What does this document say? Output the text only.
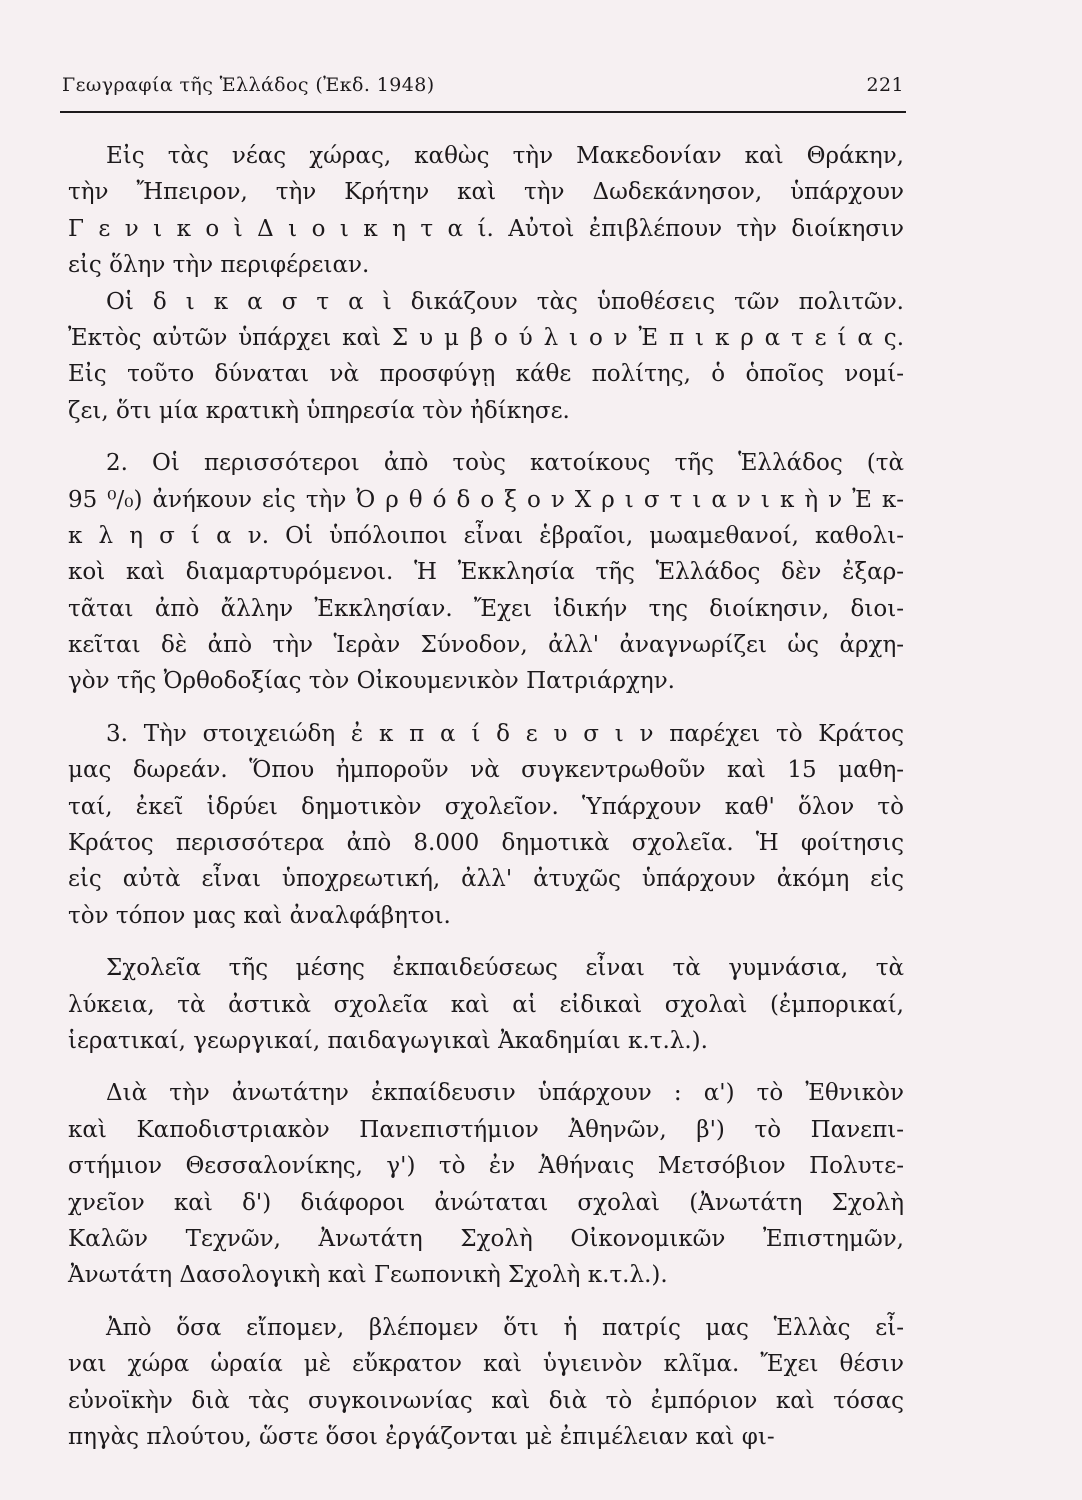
Γεωγραφία τῆς Ἑλλάδος (Ἐκδ. 1948)	221
Εἰς τὰς νέας χώρας, καθὼς τὴν Μακεδονίαν καὶ Θράκην,
τὴν Ἤπειρον, τὴν Κρήτην καὶ τὴν Δωδεκάνησον, ὑπάρχουν
Γ ε ν ι κ ο ὶ Δ ι ο ι κ η τ α ί. Αὐτοὶ ἐπιβλέπουν τὴν διοίκησιν
εἰς ὅλην τὴν περιφέρειαν.
Οἱ δ ι κ α σ τ α ὶ δικάζουν τὰς ὑποθέσεις τῶν πολιτῶν.
Ἐκτὸς αὐτῶν ὑπάρχει καὶ Σ υ μ β ο ύ λ ι ο ν Ἐ π ι κ ρ α τ ε ί α ς.
Εἰς τοῦτο δύναται νὰ προσφύγῃ κάθε πολίτης, ὁ ὁποῖος νομί-
ζει, ὅτι μία κρατικὴ ὑπηρεσία τὸν ἠδίκησε.
2. Οἱ περισσότεροι ἀπὸ τοὺς κατοίκους τῆς Ἑλλάδος (τὰ
95 ⁰/₀) ἀνήκουν εἰς τὴν Ὀ ρ θ ό δ ο ξ ο ν Χ ρ ι σ τ ι α ν ι κ ὴ ν Ἐ κ-
κ λ η σ ί α ν. Οἱ ὑπόλοιποι εἶναι ἑβραῖοι, μωαμεθανοί, καθολι-
κοὶ καὶ διαμαρτυρόμενοι. Ἡ Ἐκκλησία τῆς Ἑλλάδος δὲν ἐξαρ-
τᾶται ἀπὸ ἄλλην Ἐκκλησίαν. Ἔχει ἰδικήν της διοίκησιν, διοι-
κεῖται δὲ ἀπὸ τὴν Ἱερὰν Σύνοδον, ἀλλ' ἀναγνωρίζει ὡς ἀρχη-
γὸν τῆς Ὀρθοδοξίας τὸν Οἰκουμενικὸν Πατριάρχην.
3. Τὴν στοιχειώδη ἐ κ π α ί δ ε υ σ ι ν παρέχει τὸ Κράτος
μας δωρεάν. Ὅπου ἠμποροῦν νὰ συγκεντρωθοῦν καὶ 15 μαθη-
ταί, ἐκεῖ ἱδρύει δημοτικὸν σχολεῖον. Ὑπάρχουν καθ' ὅλον τὸ
Κράτος περισσότερα ἀπὸ 8.000 δημοτικὰ σχολεῖα. Ἡ φοίτησις
εἰς αὐτὰ εἶναι ὑποχρεωτική, ἀλλ' ἀτυχῶς ὑπάρχουν ἀκόμη εἰς
τὸν τόπον μας καὶ ἀναλφάβητοι.
Σχολεῖα τῆς μέσης ἐκπαιδεύσεως εἶναι τὰ γυμνάσια, τὰ
λύκεια, τὰ ἀστικὰ σχολεῖα καὶ αἱ εἰδικαὶ σχολαὶ (ἐμπορικαί,
ἱερατικαί, γεωργικαί, παιδαγωγικαὶ Ἀκαδημίαι κ.τ.λ.).
Διὰ τὴν ἀνωτάτην ἐκπαίδευσιν ὑπάρχουν : α') τὸ Ἐθνικὸν
καὶ Καποδιστριακὸν Πανεπιστήμιον Ἀθηνῶν, β') τὸ Πανεπι-
στήμιον Θεσσαλονίκης, γ') τὸ ἐν Ἀθήναις Μετσόβιον Πολυτε-
χνεῖον καὶ δ') διάφοροι ἀνώταται σχολαὶ (Ἀνωτάτη Σχολὴ
Καλῶν Τεχνῶν, Ἀνωτάτη Σχολὴ Οἰκονομικῶν Ἐπιστημῶν,
Ἀνωτάτη Δασολογικὴ καὶ Γεωπονικὴ Σχολὴ κ.τ.λ.).
Ἀπὸ ὅσα εἴπομεν, βλέπομεν ὅτι ἡ πατρίς μας Ἑλλὰς εἶ-
ναι χώρα ὡραία μὲ εὔκρατον καὶ ὑγιεινὸν κλῖμα. Ἔχει θέσιν
εὐνοϊκὴν διὰ τὰς συγκοινωνίας καὶ διὰ τὸ ἐμπόριον καὶ τόσας
πηγὰς πλούτου, ὥστε ὅσοι ἐργάζονται μὲ ἐπιμέλειαν καὶ φι-
